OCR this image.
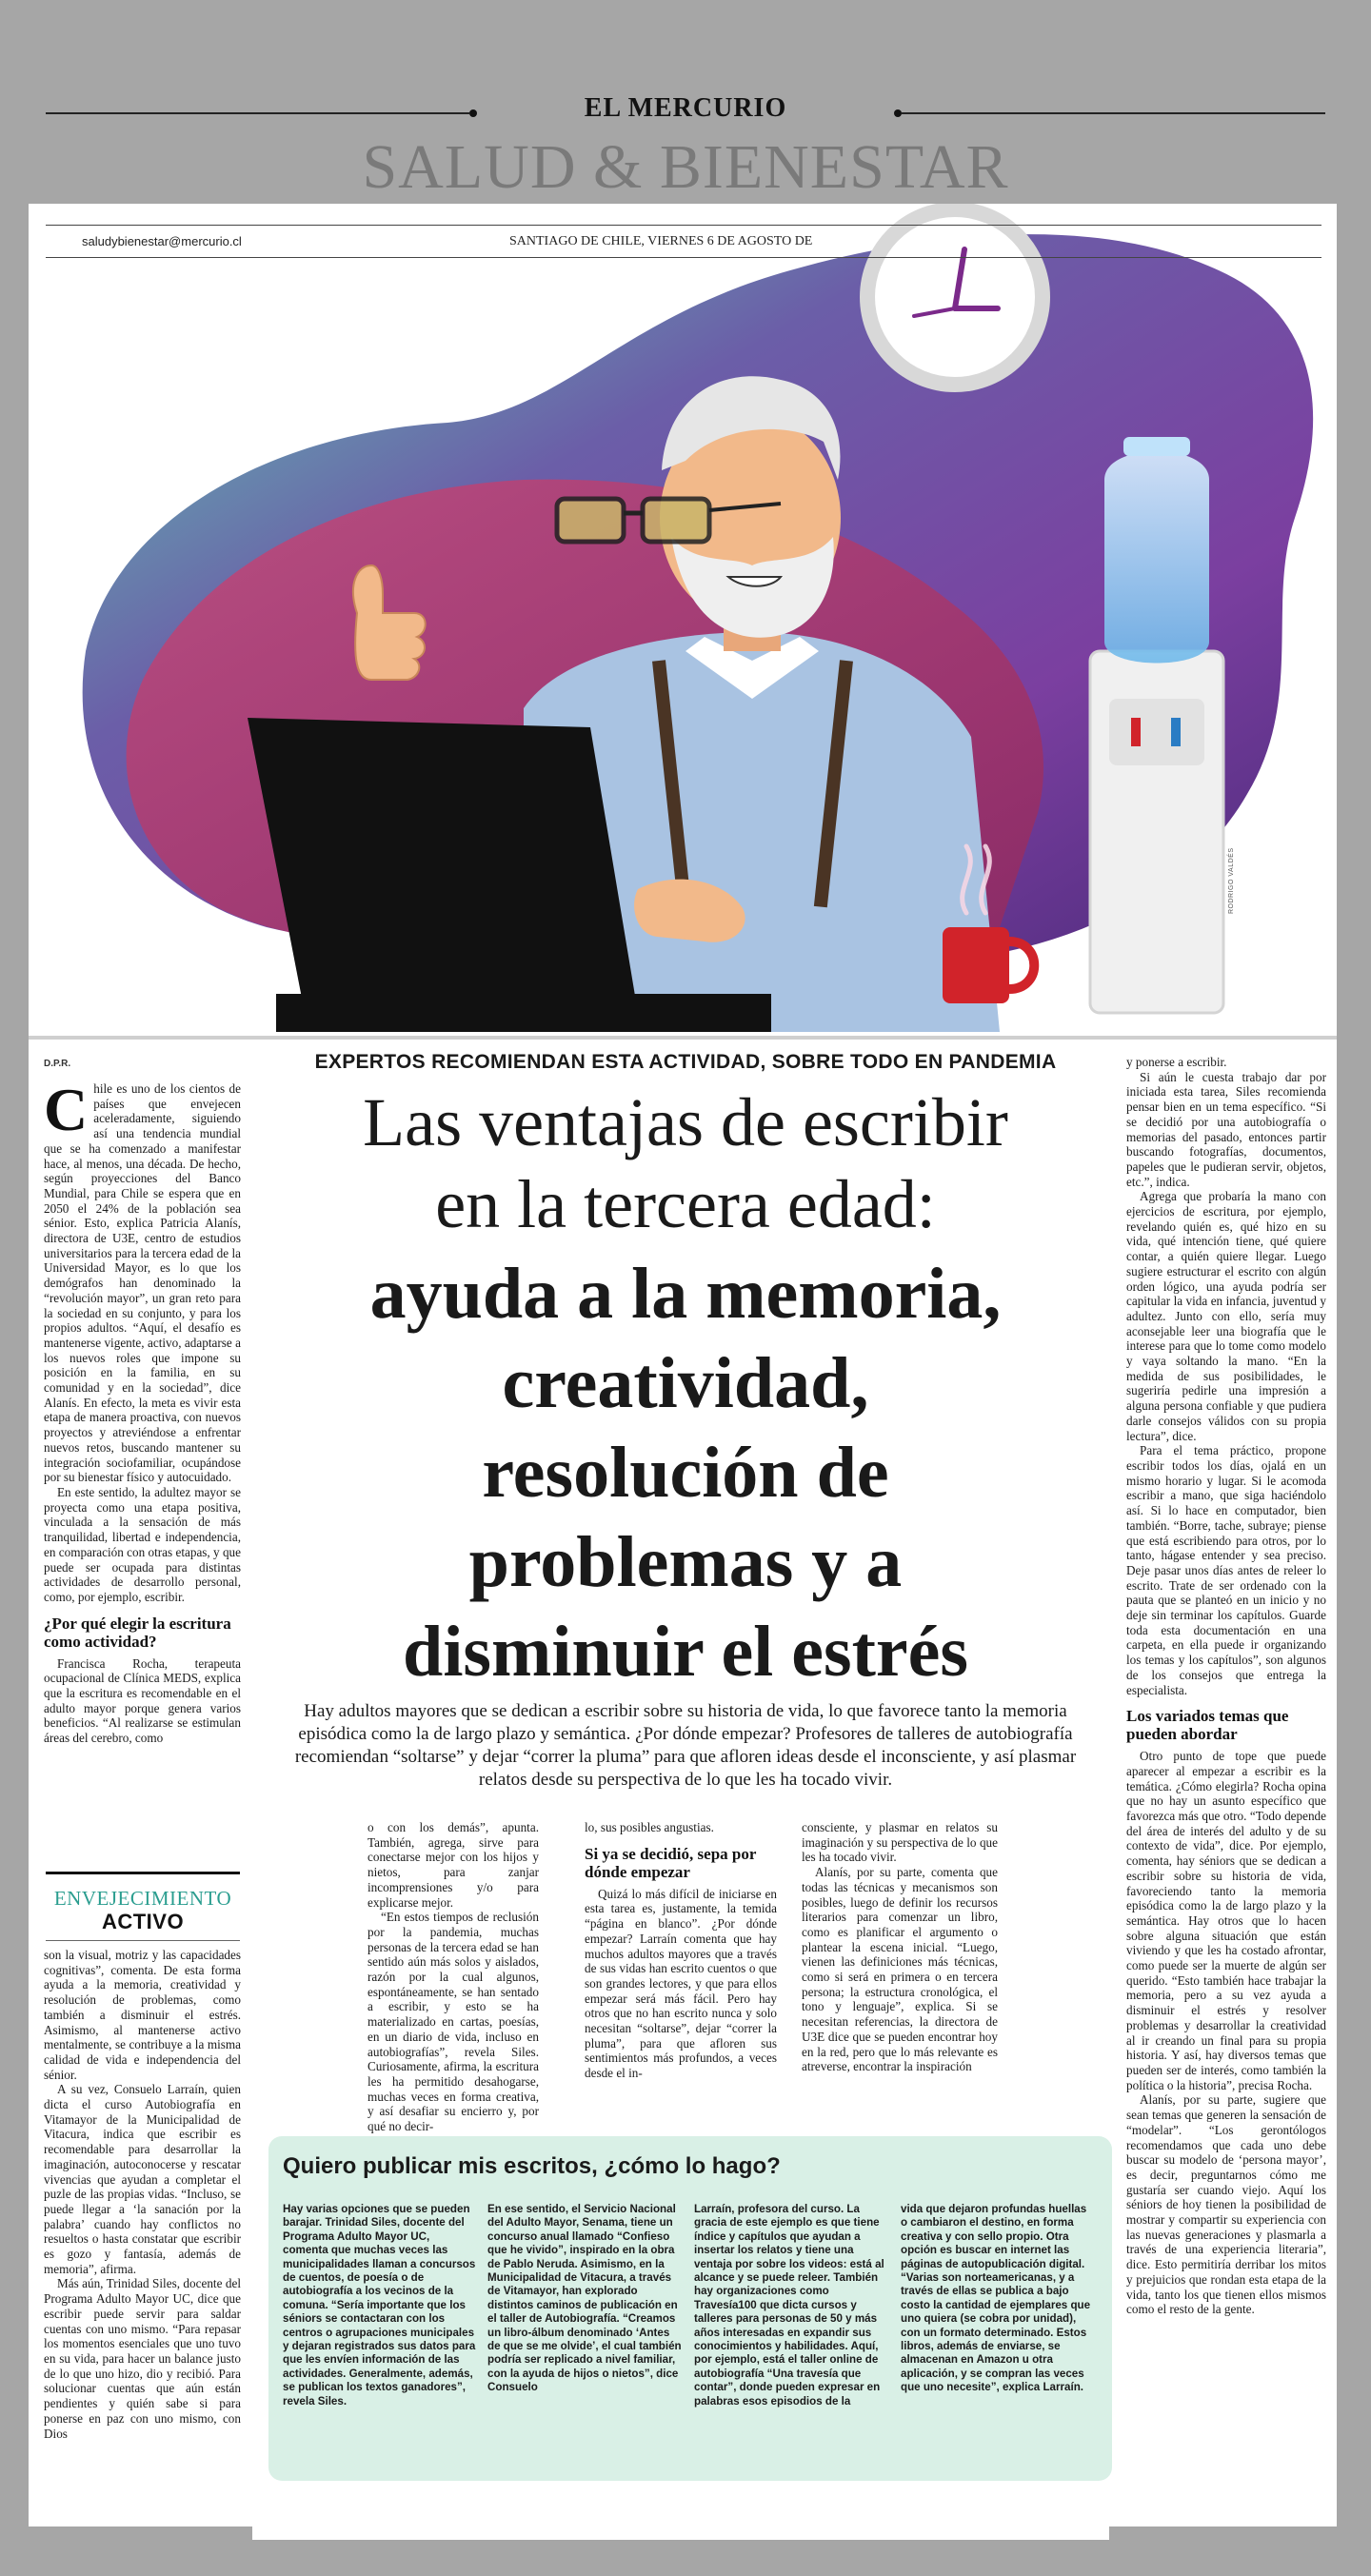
EL MERCURIO
SALUD & BIENESTAR
saludybienestar@mercurio.cl	SANTIAGO DE CHILE, VIERNES 6 DE AGOSTO DE
RODRIGO VALDÉS
D.P.R.

Chile es uno de los cientos de países que envejecen aceleradamente, siguiendo así una tendencia mundial que se ha comenzado a manifestar hace, al menos, una década. De hecho, según proyecciones del Banco Mundial, para Chile se espera que en 2050 el 24% de la población sea sénior. Esto, explica Patricia Alanís, directora de U3E, centro de estudios universitarios para la tercera edad de la Universidad Mayor, es lo que los demógrafos han denominado la “revolución mayor”, un gran reto para la sociedad en su conjunto, y para los propios adultos. “Aquí, el desafío es mantenerse vigente, activo, adaptarse a los nuevos roles que impone su posición en la familia, en su comunidad y en la sociedad”, dice Alanís. En efecto, la meta es vivir esta etapa de manera proactiva, con nuevos proyectos y atreviéndose a enfrentar nuevos retos, buscando mantener su integración sociofamiliar, ocupándose por su bienestar físico y autocuidado.

En este sentido, la adultez mayor se proyecta como una etapa positiva, vinculada a la sensación de más tranquilidad, libertad e independencia, en comparación con otras etapas, y que puede ser ocupada para distintas actividades de desarrollo personal, como, por ejemplo, escribir.

¿Por qué elegir la escritura como actividad?

Francisca Rocha, terapeuta ocupacional de Clínica MEDS, explica que la escritura es recomendable en el adulto mayor porque genera varios beneficios. “Al realizarse se estimulan áreas del cerebro, como

ENVEJECIMIENTO
ACTIVO

son la visual, motriz y las capacidades cognitivas”, comenta. De esta forma ayuda a la memoria, creatividad y resolución de problemas, como también a disminuir el estrés. Asimismo, al mantenerse activo mentalmente, se contribuye a la misma calidad de vida e independencia del sénior.

A su vez, Consuelo Larraín, quien dicta el curso Autobiografía en Vitamayor de la Municipalidad de Vitacura, indica que escribir es recomendable para desarrollar la imaginación, autoconocerse y rescatar vivencias que ayudan a completar el puzle de las propias vidas. “Incluso, se puede llegar a ‘la sanación por la palabra’ cuando hay conflictos no resueltos o hasta constatar que escribir es gozo y fantasía, además de memoria”, afirma.

Más aún, Trinidad Siles, docente del Programa Adulto Mayor UC, dice que escribir puede servir para saldar cuentas con uno mismo. “Para repasar los momentos esenciales que uno tuvo en su vida, para hacer un balance justo de lo que uno hizo, dio y recibió. Para solucionar cuentas que aún están pendientes y quién sabe si para ponerse en paz con uno mismo, con Dios

EXPERTOS RECOMIENDAN ESTA ACTIVIDAD, SOBRE TODO EN PANDEMIA
Las ventajas de escribir
en la tercera edad:
ayuda a la memoria,
creatividad,
resolución de
problemas y a
disminuir el estrés
Hay adultos mayores que se dedican a escribir sobre su historia de vida, lo que favorece tanto la memoria episódica como la de largo plazo y semántica. ¿Por dónde empezar? Profesores de talleres de autobiografía recomiendan “soltarse” y dejar “correr la pluma” para que afloren ideas desde el inconsciente, y así plasmar relatos desde su perspectiva de lo que les ha tocado vivir.

o con los demás”, apunta. También, agrega, sirve para conectarse mejor con los hijos y nietos, para zanjar incomprensiones y/o para explicarse mejor.

“En estos tiempos de reclusión por la pandemia, muchas personas de la tercera edad se han sentido aún más solos y aislados, razón por la cual algunos, espontáneamente, se han sentado a escribir, y esto se ha materializado en cartas, poesías, en un diario de vida, incluso en autobiografías”, revela Siles. Curiosamente, afirma, la escritura les ha permitido desahogarse, muchas veces en forma creativa, y así desafiar su encierro y, por qué no decir-

lo, sus posibles angustias.

Si ya se decidió, sepa por dónde empezar

Quizá lo más difícil de iniciarse en esta tarea es, justamente, la temida “página en blanco”. ¿Por dónde empezar? Larraín comenta que hay muchos adultos mayores que a través de sus vidas han escrito cuentos o que son grandes lectores, y que para ellos empezar será más fácil. Pero hay otros que no han escrito nunca y solo necesitan “soltarse”, dejar “correr la pluma”, para que afloren sus sentimientos más profundos, a veces desde el in-

consciente, y plasmar en relatos su imaginación y su perspectiva de lo que les ha tocado vivir.

Alanís, por su parte, comenta que todas las técnicas y mecanismos son posibles, luego de definir los recursos literarios para comenzar un libro, como es planificar el argumento o plantear la escena inicial. “Luego, vienen las definiciones más técnicas, como si será en primera o en tercera persona; la estructura cronológica, el tono y lenguaje”, explica. Si se necesitan referencias, la directora de U3E dice que se pueden encontrar hoy en la red, pero que lo más relevante es atreverse, encontrar la inspiración

y ponerse a escribir.

Si aún le cuesta trabajo dar por iniciada esta tarea, Siles recomienda pensar bien en un tema específico. “Si se decidió por una autobiografía o memorias del pasado, entonces partir buscando fotografías, documentos, papeles que le pudieran servir, objetos, etc.”, indica.

Agrega que probaría la mano con ejercicios de escritura, por ejemplo, revelando quién es, qué hizo en su vida, qué intención tiene, qué quiere contar, a quién quiere llegar. Luego sugiere estructurar el escrito con algún orden lógico, una ayuda podría ser capitular la vida en infancia, juventud y adultez. Junto con ello, sería muy aconsejable leer una biografía que le interese para que lo tome como modelo y vaya soltando la mano. “En la medida de sus posibilidades, le sugeriría pedirle una impresión a alguna persona confiable y que pudiera darle consejos válidos con su propia lectura”, dice.

Para el tema práctico, propone escribir todos los días, ojalá en un mismo horario y lugar. Si le acomoda escribir a mano, que siga haciéndolo así. Si lo hace en computador, bien también. “Borre, tache, subraye; piense que está escribiendo para otros, por lo tanto, hágase entender y sea preciso. Deje pasar unos días antes de releer lo escrito. Trate de ser ordenado con la pauta que se planteó en un inicio y no deje sin terminar los capítulos. Guarde toda esta documentación en una carpeta, en ella puede ir organizando los temas y los capítulos”, son algunos de los consejos que entrega la especialista.

Los variados temas que pueden abordar

Otro punto de tope que puede aparecer al empezar a escribir es la temática. ¿Cómo elegirla? Rocha opina que no hay un asunto específico que favorezca más que otro. “Todo depende del área de interés del adulto y de su contexto de vida”, dice. Por ejemplo, comenta, hay séniors que se dedican a escribir sobre su historia de vida, favoreciendo tanto la memoria episódica como la de largo plazo y la semántica. Hay otros que lo hacen sobre alguna situación que están viviendo y que les ha costado afrontar, como puede ser la muerte de algún ser querido. “Esto también hace trabajar la memoria, pero a su vez ayuda a disminuir el estrés y resolver problemas y desarrollar la creatividad al ir creando un final para su propia historia. Y así, hay diversos temas que pueden ser de interés, como también la política o la historia”, precisa Rocha.

Alanís, por su parte, sugiere que sean temas que generen la sensación de “modelar”. “Los gerontólogos recomendamos que cada uno debe buscar su modelo de ‘persona mayor’, es decir, preguntarnos cómo me gustaría ser cuando viejo. Aquí los séniors de hoy tienen la posibilidad de mostrar y compartir su experiencia con las nuevas generaciones y plasmarla a través de una experiencia literaria”, dice. Esto permitiría derribar los mitos y prejuicios que rondan esta etapa de la vida, tanto los que tienen ellos mismos como el resto de la gente.

Quiero publicar mis escritos, ¿cómo lo hago?
Hay varias opciones que se pueden barajar. Trinidad Siles, docente del Programa Adulto Mayor UC, comenta que muchas veces las municipalidades llaman a concursos de cuentos, de poesía o de autobiografía a los vecinos de la comuna. “Sería importante que los séniors se contactaran con los centros o agrupaciones municipales y dejaran registrados sus datos para que les envíen información de las actividades. Generalmente, además, se publican los textos ganadores”, revela Siles.
En ese sentido, el Servicio Nacional del Adulto Mayor, Senama, tiene un concurso anual llamado “Confieso que he vivido”, inspirado en la obra de Pablo Neruda. Asimismo, en la Municipalidad de Vitacura, a través de Vitamayor, han explorado distintos caminos de publicación en el taller de Autobiografía. “Creamos un libro-álbum denominado ‘Antes de que se me olvide’, el cual también podría ser replicado a nivel familiar, con la ayuda de hijos o nietos”, dice Consuelo
Larraín, profesora del curso. La gracia de este ejemplo es que tiene índice y capítulos que ayudan a insertar los relatos y tiene una ventaja por sobre los videos: está al alcance y se puede releer. También hay organizaciones como Travesía100 que dicta cursos y talleres para personas de 50 y más años interesadas en expandir sus conocimientos y habilidades. Aquí, por ejemplo, está el taller online de autobiografía “Una travesía que contar”, donde pueden expresar en palabras esos episodios de la
vida que dejaron profundas huellas o cambiaron el destino, en forma creativa y con sello propio. Otra opción es buscar en internet las páginas de autopublicación digital. “Varias son norteamericanas, y a través de ellas se publica a bajo costo la cantidad de ejemplares que uno quiera (se cobra por unidad), con un formato determinado. Estos libros, además de enviarse, se almacenan en Amazon u otra aplicación, y se compran las veces que uno necesite”, explica Larraín.
